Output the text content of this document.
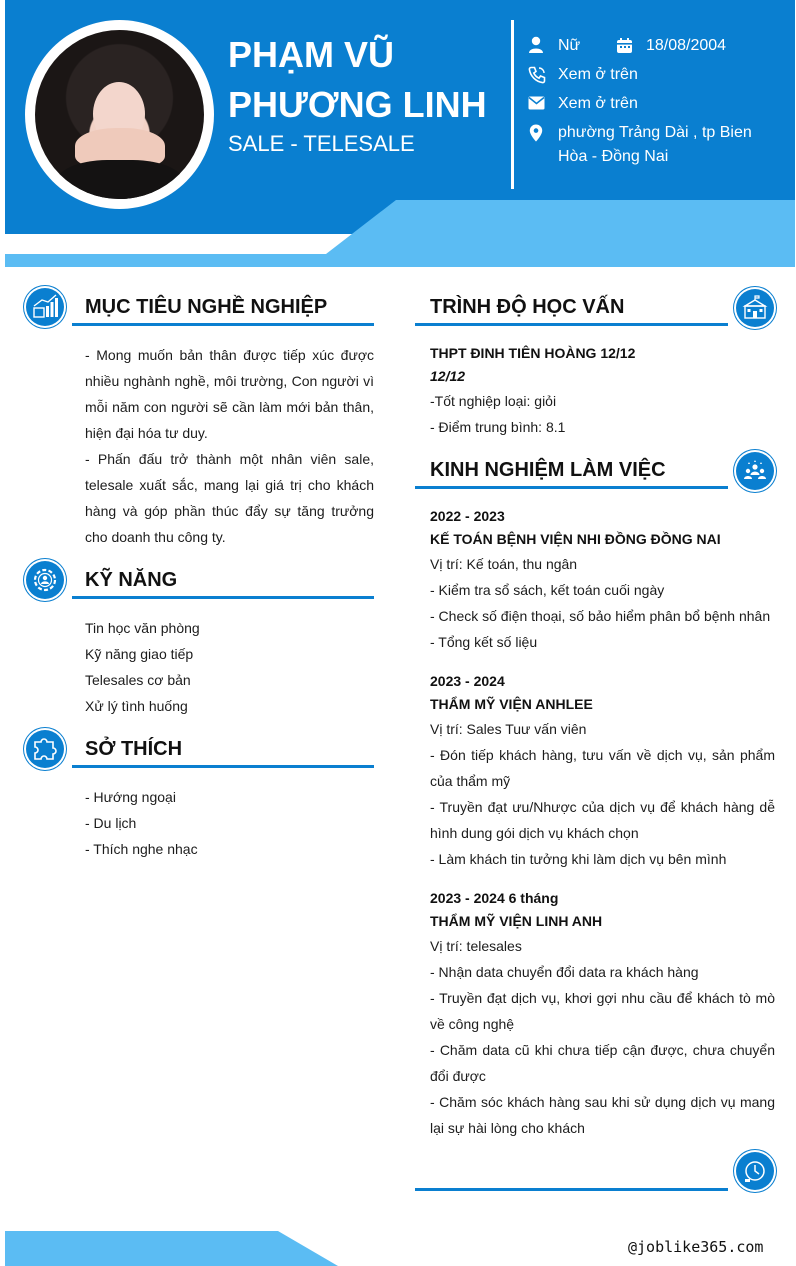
PHẠM VŨ
PHƯƠNG LINH
SALE - TELESALE
Nữ	18/08/2004
Xem ở trên
Xem ở trên
phường Trảng Dài , tp Bien
Hòa - Đồng Nai
MỤC TIÊU NGHỀ NGHIỆP
- Mong muốn bản thân được tiếp xúc được nhiều nghành nghề, môi trường, Con người vì mỗi năm con người sẽ cần làm mới bản thân, hiện đại hóa tư duy.
- Phấn đấu trở thành một nhân viên sale, telesale xuất sắc, mang lại giá trị cho khách hàng và góp phần thúc đẩy sự tăng trưởng cho doanh thu công ty.
KỸ NĂNG
Tin học văn phòng
Kỹ năng giao tiếp
Telesales cơ bản
Xử lý tình huống
SỞ THÍCH
- Hướng ngoại
- Du lịch
- Thích nghe nhạc
TRÌNH ĐỘ HỌC VẤN
THPT ĐINH TIÊN HOÀNG 12/12
12/12
-Tốt nghiệp loại: giỏi
- Điểm trung bình: 8.1
KINH NGHIỆM LÀM VIỆC
2022 - 2023
KẾ TOÁN BỆNH VIỆN NHI ĐỒNG ĐỒNG NAI
Vị trí: Kế toán, thu ngân
- Kiểm tra sổ sách, kết toán cuối ngày
- Check số điện thoại, số bảo hiểm phân bổ bệnh nhân
- Tổng kết số liệu
2023 - 2024
THẨM MỸ VIỆN ANHLEE
Vị trí: Sales Tuư vấn viên
- Đón tiếp khách hàng, tưu vấn về dịch vụ, sản phẩm của thẩm mỹ
- Truyền đạt ưu/Nhược của dịch vụ để khách hàng dễ hình dung gói dịch vụ khách chọn
- Làm khách tin tưởng khi làm dịch vụ bên mình
2023 - 2024 6 tháng
THẨM MỸ VIỆN LINH ANH
Vị trí: telesales
- Nhận data chuyển đổi data ra khách hàng
- Truyền đạt dịch vụ, khơi gợi nhu cầu để khách tò mò về công nghệ
- Chăm data cũ khi chưa tiếp cận được, chưa chuyển đổi được
- Chăm sóc khách hàng sau khi sử dụng dịch vụ mang lại sự hài lòng cho khách
@joblike365.com
